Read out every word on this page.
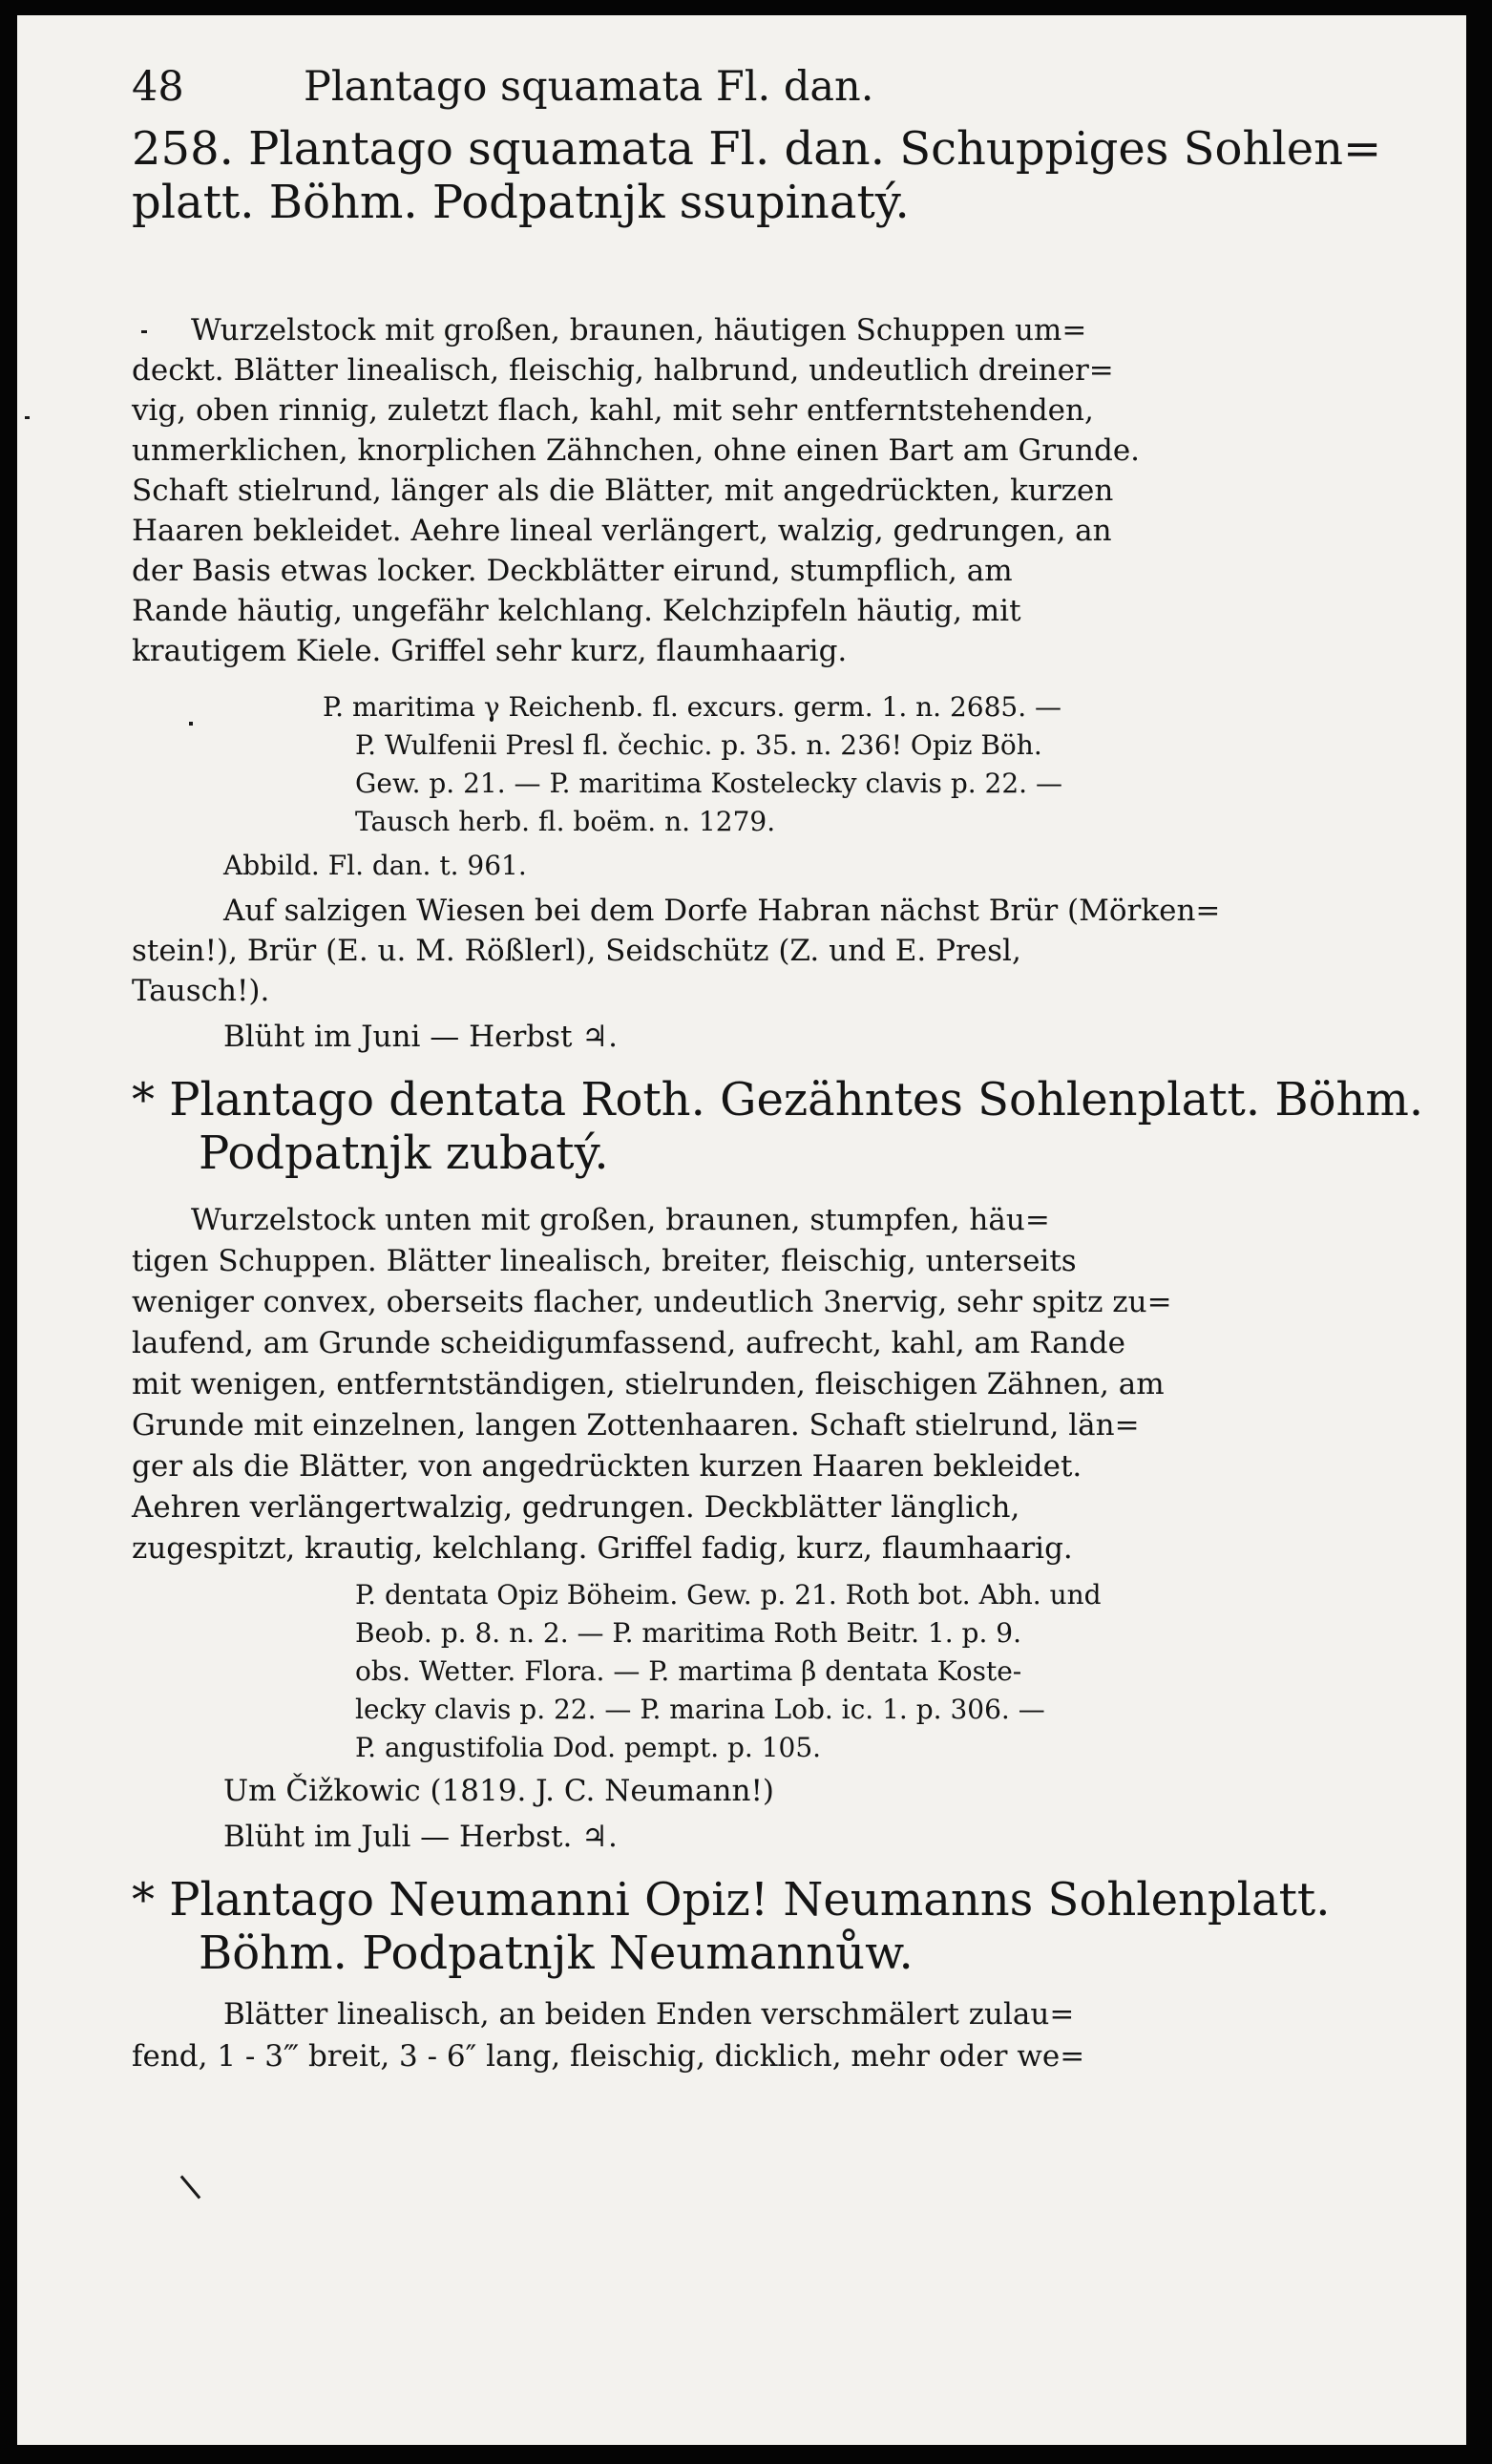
48	Plantago squamata Fl. dan.
258. Plantago squamata Fl. dan. Schuppiges Sohlen=
platt. Böhm. Podpatnjk ssupinatý.
Wurzelstock mit großen, braunen, häutigen Schuppen um=
deckt. Blätter linealisch, fleischig, halbrund, undeutlich dreiner=
vig, oben rinnig, zuletzt flach, kahl, mit sehr entferntstehenden,
unmerklichen, knorplichen Zähnchen, ohne einen Bart am Grunde.
Schaft stielrund, länger als die Blätter, mit angedrückten, kurzen
Haaren bekleidet. Aehre lineal verlängert, walzig, gedrungen, an
der Basis etwas locker. Deckblätter eirund, stumpflich, am
Rande häutig, ungefähr kelchlang. Kelchzipfeln häutig, mit
krautigem Kiele. Griffel sehr kurz, flaumhaarig.
P. maritima γ Reichenb. fl. excurs. germ. 1. n. 2685. —
P. Wulfenii Presl fl. čechic. p. 35. n. 236! Opiz Böh.
Gew. p. 21. — P. maritima Kostelecky clavis p. 22. —
Tausch herb. fl. boëm. n. 1279.
Abbild. Fl. dan. t. 961.
Auf salzigen Wiesen bei dem Dorfe Habran nächst Brür (Mörken=
stein!), Brür (E. u. M. Rößlerl), Seidschütz (Z. und E. Presl,
Tausch!).
Blüht im Juni — Herbst ♃.
* Plantago dentata Roth. Gezähntes Sohlenplatt. Böhm.
Podpatnjk zubatý.
Wurzelstock unten mit großen, braunen, stumpfen, häu=
tigen Schuppen. Blätter linealisch, breiter, fleischig, unterseits
weniger convex, oberseits flacher, undeutlich 3nervig, sehr spitz zu=
laufend, am Grunde scheidigumfassend, aufrecht, kahl, am Rande
mit wenigen, entferntständigen, stielrunden, fleischigen Zähnen, am
Grunde mit einzelnen, langen Zottenhaaren. Schaft stielrund, län=
ger als die Blätter, von angedrückten kurzen Haaren bekleidet.
Aehren verlängertwalzig, gedrungen. Deckblätter länglich,
zugespitzt, krautig, kelchlang. Griffel fadig, kurz, flaumhaarig.
P. dentata Opiz Böheim. Gew. p. 21. Roth bot. Abh. und
Beob. p. 8. n. 2. — P. maritima Roth Beitr. 1. p. 9.
obs. Wetter. Flora. — P. martima β dentata Koste-
lecky clavis p. 22. — P. marina Lob. ic. 1. p. 306. —
P. angustifolia Dod. pempt. p. 105.
Um Čižkowic (1819. J. C. Neumann!)
Blüht im Juli — Herbst. ♃.
* Plantago Neumanni Opiz! Neumanns Sohlenplatt.
Böhm. Podpatnjk Neumannůw.
Blätter linealisch, an beiden Enden verschmälert zulau=
fend, 1 - 3‴ breit, 3 - 6″ lang, fleischig, dicklich, mehr oder we=
